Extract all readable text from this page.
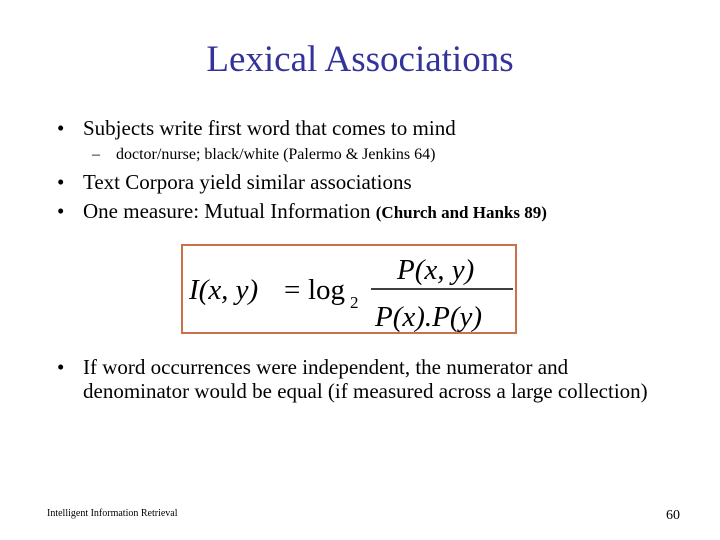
Lexical Associations
• Subjects write first word that comes to mind
– doctor/nurse; black/white (Palermo & Jenkins 64)
• Text Corpora yield similar associations
• One measure: Mutual Information (Church and Hanks 89)
I(x, y) = log 2
P(x, y)
P(x).P(y)
• If word occurrences were independent, the numerator and denominator would be equal (if measured across a large collection)
Intelligent Information Retrieval	60
